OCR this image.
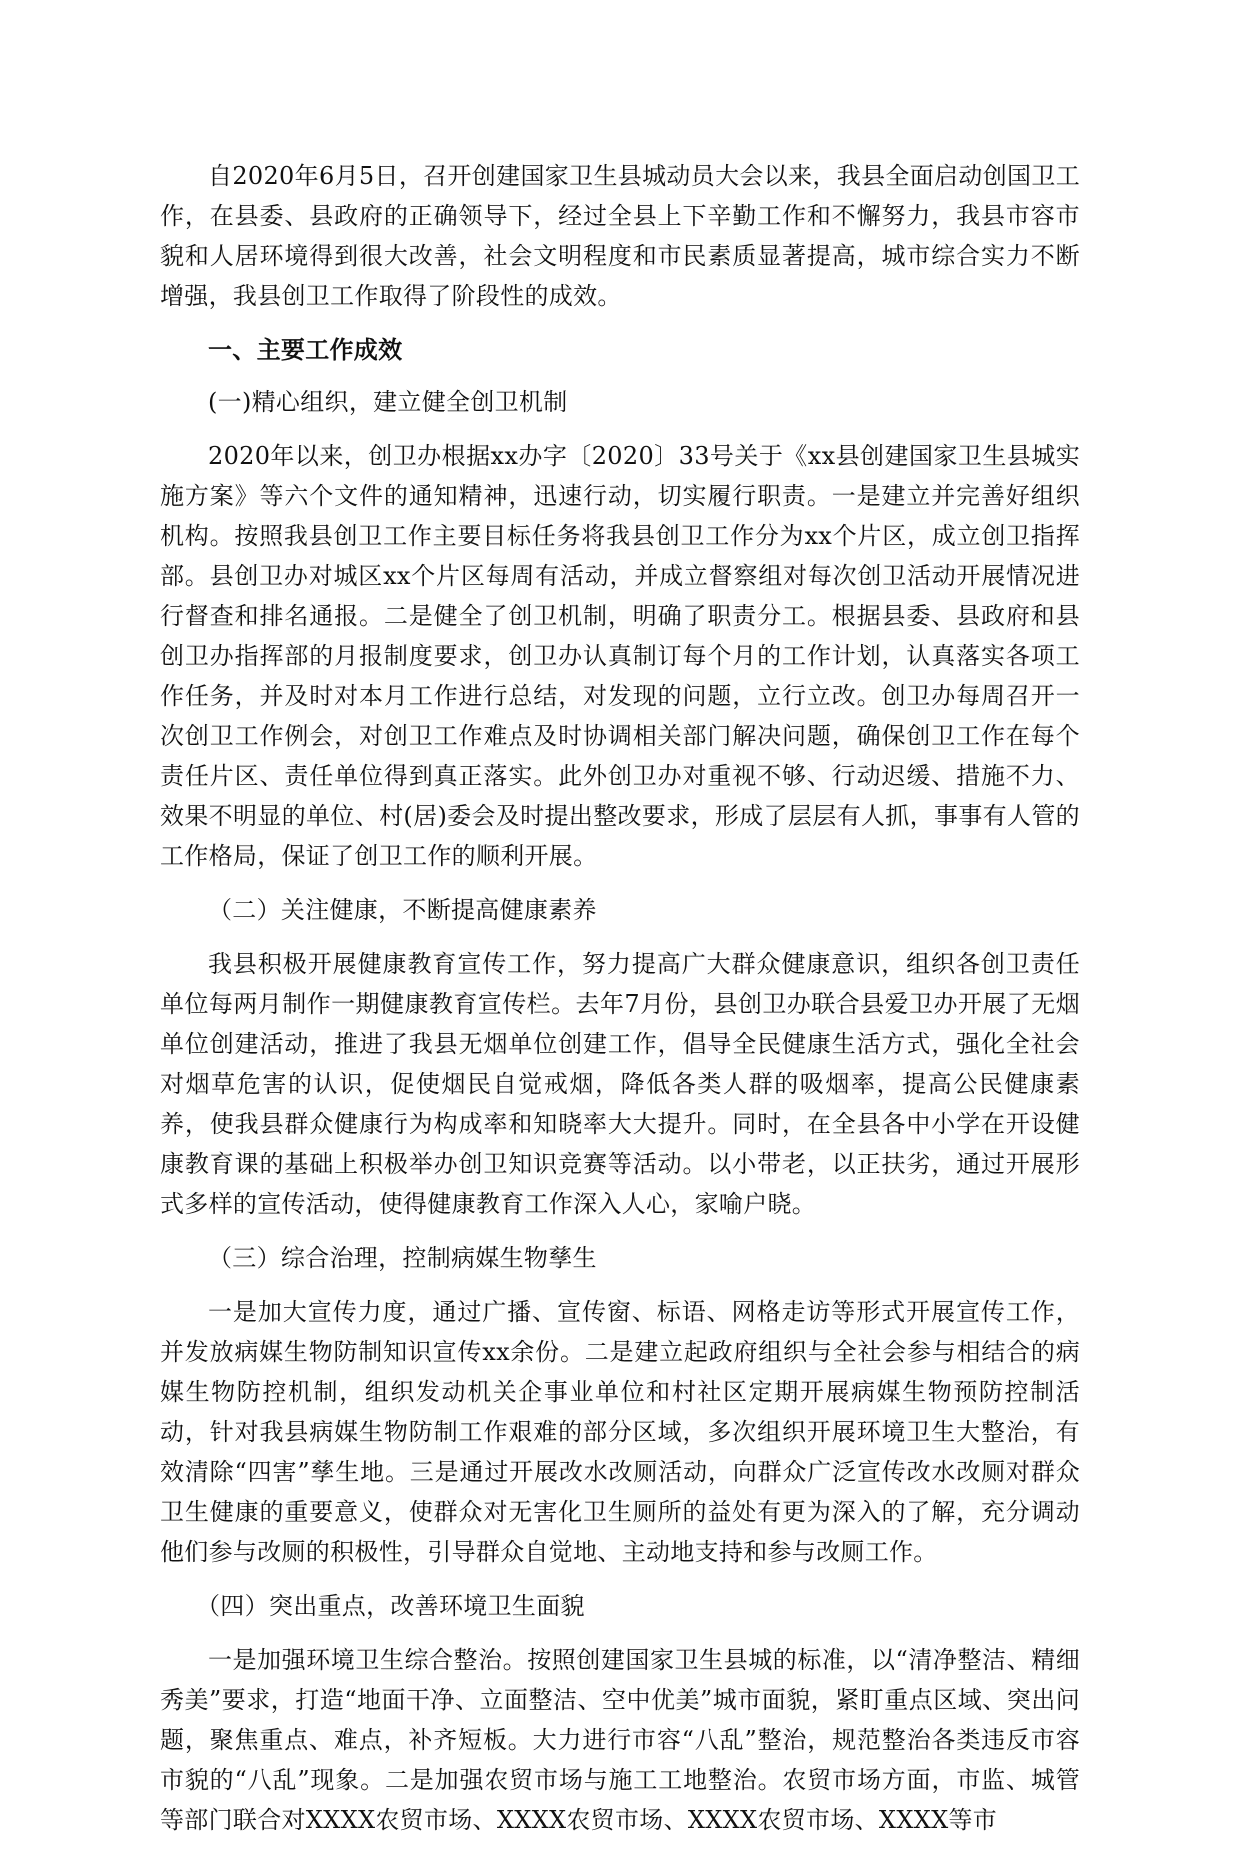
自2020年6月5日，召开创建国家卫生县城动员大会以来，我县全面启动创国卫工作，在县委、县政府的正确领导下，经过全县上下辛勤工作和不懈努力，我县市容市貌和人居环境得到很大改善，社会文明程度和市民素质显著提高，城市综合实力不断增强，我县创卫工作取得了阶段性的成效。

一、主要工作成效

(一)精心组织，建立健全创卫机制

2020年以来，创卫办根据xx办字〔2020〕33号关于《xx县创建国家卫生县城实施方案》等六个文件的通知精神，迅速行动，切实履行职责。一是建立并完善好组织机构。按照我县创卫工作主要目标任务将我县创卫工作分为xx个片区，成立创卫指挥部。县创卫办对城区xx个片区每周有活动，并成立督察组对每次创卫活动开展情况进行督查和排名通报。二是健全了创卫机制，明确了职责分工。根据县委、县政府和县创卫办指挥部的月报制度要求，创卫办认真制订每个月的工作计划，认真落实各项工作任务，并及时对本月工作进行总结，对发现的问题，立行立改。创卫办每周召开一次创卫工作例会，对创卫工作难点及时协调相关部门解决问题，确保创卫工作在每个责任片区、责任单位得到真正落实。此外创卫办对重视不够、行动迟缓、措施不力、效果不明显的单位、村(居)委会及时提出整改要求，形成了层层有人抓，事事有人管的工作格局，保证了创卫工作的顺利开展。

（二）关注健康，不断提高健康素养

我县积极开展健康教育宣传工作，努力提高广大群众健康意识，组织各创卫责任单位每两月制作一期健康教育宣传栏。去年7月份，县创卫办联合县爱卫办开展了无烟单位创建活动，推进了我县无烟单位创建工作，倡导全民健康生活方式，强化全社会对烟草危害的认识，促使烟民自觉戒烟，降低各类人群的吸烟率，提高公民健康素养，使我县群众健康行为构成率和知晓率大大提升。同时，在全县各中小学在开设健康教育课的基础上积极举办创卫知识竞赛等活动。以小带老，以正扶劣，通过开展形式多样的宣传活动，使得健康教育工作深入人心，家喻户晓。

（三）综合治理，控制病媒生物孳生

一是加大宣传力度，通过广播、宣传窗、标语、网格走访等形式开展宣传工作，并发放病媒生物防制知识宣传xx余份。二是建立起政府组织与全社会参与相结合的病媒生物防控机制，组织发动机关企事业单位和村社区定期开展病媒生物预防控制活动，针对我县病媒生物防制工作艰难的部分区域，多次组织开展环境卫生大整治，有效清除“四害”孳生地。三是通过开展改水改厕活动，向群众广泛宣传改水改厕对群众卫生健康的重要意义，使群众对无害化卫生厕所的益处有更为深入的了解，充分调动他们参与改厕的积极性，引导群众自觉地、主动地支持和参与改厕工作。

（四）突出重点，改善环境卫生面貌

一是加强环境卫生综合整治。按照创建国家卫生县城的标准，以“清净整洁、精细秀美”要求，打造“地面干净、立面整洁、空中优美”城市面貌，紧盯重点区域、突出问题，聚焦重点、难点，补齐短板。大力进行市容“八乱”整治，规范整治各类违反市容市貌的“八乱”现象。二是加强农贸市场与施工工地整治。农贸市场方面，市监、城管等部门联合对XXXX农贸市场、XXXX农贸市场、XXXX农贸市场、XXXX等市
